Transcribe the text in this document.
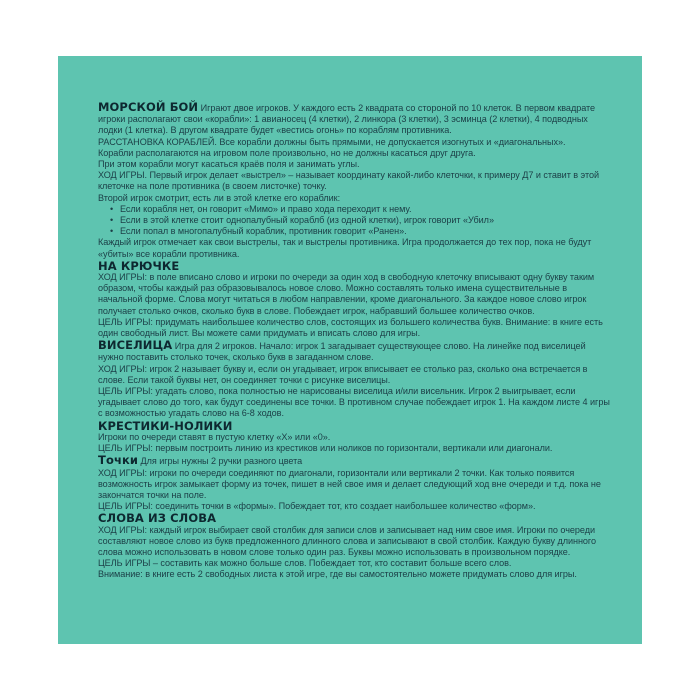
МОРСКОЙ БОЙ Играют двое игроков. У каждого есть 2 квадрата со стороной по 10 клеток. В первом квадрате игроки располагают свои «корабли»: 1 авианосец (4 клетки), 2 линкора (3 клетки), 3 эсминца (2 клетки), 4 подводных лодки (1 клетка). В другом квадрате будет «вестись огонь» по кораблям противника.

РАССТАНОВКА КОРАБЛЕЙ. Все корабли должны быть прямыми, не допускается изогнутых и «диагональных».

Корабли располагаются на игровом поле произвольно, но не должны касаться друг друга.

При этом корабли могут касаться краёв поля и занимать углы.

ХОД ИГРЫ. Первый игрок делает «выстрел» – называет координату какой-либо клеточки, к примеру Д7 и ставит в этой клеточке на поле противника (в своем листочке) точку.

Второй игрок смотрит, есть ли в этой клетке его кораблик:

• Если корабля нет, он говорит «Мимо» и право хода переходит к нему.
• Если в этой клетке стоит однопалубный кораблб (из одной клетки), игрок говорит «Убил»
• Если попал в многопалубный кораблик, противник говорит «Ранен».

Каждый игрок отмечает как свои выстрелы, так и выстрелы противника. Игра продолжается до тех пор, пока не будут «убиты» все корабли противника.

НА КРЮЧКЕ

ХОД ИГРЫ: в поле вписано слово и игроки по очереди за один ход в свободную клеточку вписывают одну букву таким образом, чтобы каждый раз образовывалось новое слово. Можно составлять только имена существительные в начальной форме. Слова могут читаться в любом направлении, кроме диагонального. За каждое новое слово игрок получает столько очков, сколько букв в слове. Побеждает игрок, набравший большее количество очков.

ЦЕЛЬ ИГРЫ: придумать наибольшее количество слов, состоящих из большего количества букв. Внимание: в книге есть один свободный лист. Вы можете сами придумать и вписать слово для игры.

ВИСЕЛИЦА Игра для 2 игроков. Начало: игрок 1 загадывает существующее слово. На линейке под виселицей нужно поставить столько точек, сколько букв в загаданном слове.

ХОД ИГРЫ: игрок 2 называет букву и, если он угадывает, игрок вписывает ее столько раз, сколько она встречается в слове. Если такой буквы нет, он соединяет точки с рисунке виселицы.

ЦЕЛЬ ИГРЫ: угадать слово, пока полностью не нарисованы виселица и/или висельник. Игрок 2 выигрывает, если угадывает слово до того, как будут соединены все точки. В противном случае побеждает игрок 1. На каждом листе 4 игры с возможностью угадать слово на 6-8 ходов.

КРЕСТИКИ-НОЛИКИ

Игроки по очереди ставят в пустую клетку «Х» или «0».

ЦЕЛЬ ИГРЫ: первым построить линию из крестиков или ноликов по горизонтали, вертикали или диагонали.

Точки Для игры нужны 2 ручки разного цвета

ХОД ИГРЫ: игроки по очереди соединяют по диагонали, горизонтали или вертикали 2 точки. Как только появится возможность игрок замыкает форму из точек, пишет в ней свое имя и делает следующий ход вне очереди и т.д. пока не закончатся точки на поле.

ЦЕЛЬ ИГРЫ: соединить точки в «формы». Побеждает тот, кто создает наибольшее количество «форм».

СЛОВА ИЗ СЛОВА

ХОД ИГРЫ: каждый игрок выбирает свой столбик для записи слов и записывает над ним свое имя. Игроки по очереди составляют новое слово из букв предложенного длинного слова и записывают в свой столбик. Каждую букву длинного слова можно использовать в новом слове только один раз. Буквы можно использовать в произвольном порядке.

ЦЕЛЬ ИГРЫ – составить как можно больше слов. Побеждает тот, кто составит больше всего слов.

Внимание: в книге есть 2 свободных листа к этой игре, где вы самостоятельно можете придумать слово для игры.
